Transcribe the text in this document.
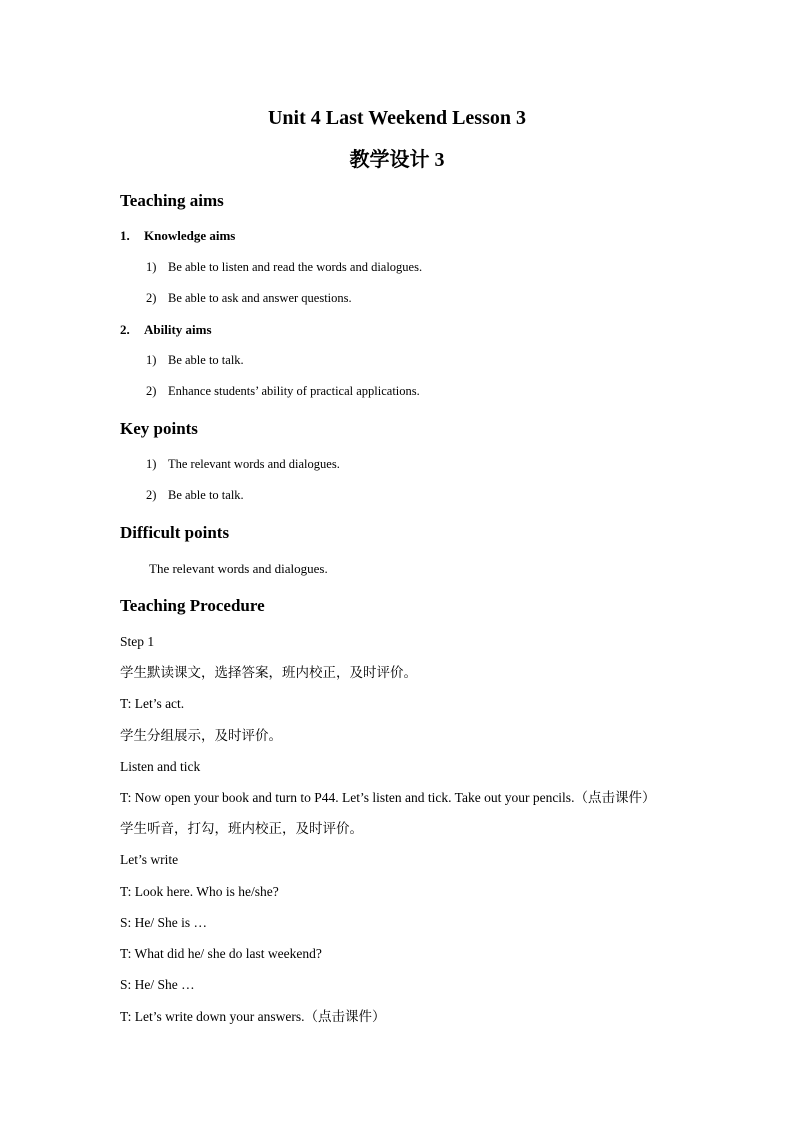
Unit 4 Last Weekend Lesson 3
教学设计 3
Teaching aims
1. Knowledge aims
1) Be able to listen and read the words and dialogues.
2) Be able to ask and answer questions.
2. Ability aims
1) Be able to talk.
2) Enhance students’ ability of practical applications.
Key points
1) The relevant words and dialogues.
2) Be able to talk.
Difficult points
The relevant words and dialogues.
Teaching Procedure
Step 1
学生默读课文，选择答案，班内校正，及时评价。
T: Let’s act.
学生分组展示，及时评价。
Listen and tick
T: Now open your book and turn to P44. Let’s listen and tick. Take out your pencils.（点击课件）
学生听音，打勾，班内校正，及时评价。
Let’s write
T: Look here. Who is he/she?
S: He/ She is …
T: What did he/ she do last weekend?
S: He/ She …
T: Let’s write down your answers.（点击课件）
